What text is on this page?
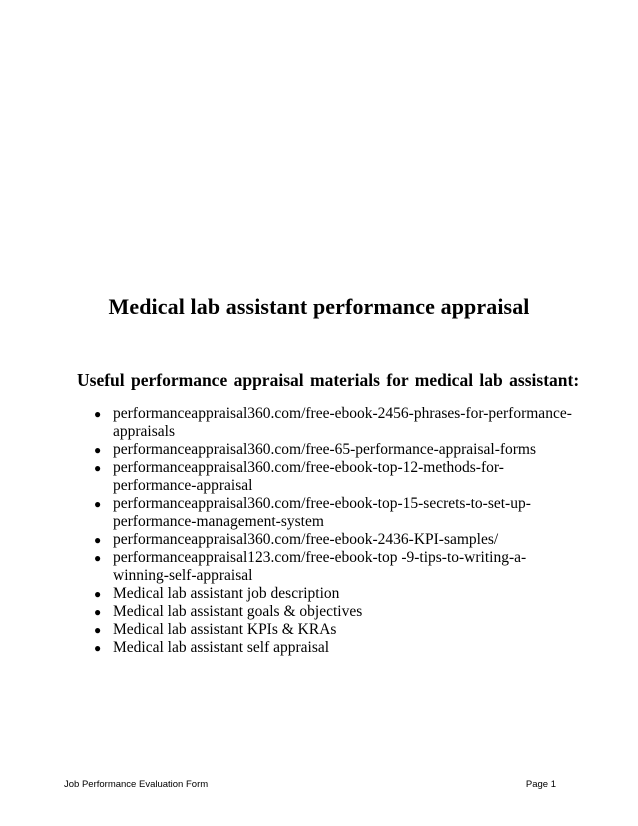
Medical lab assistant performance appraisal
Useful performance appraisal materials for medical lab assistant:
● performanceappraisal360.com/free-ebook-2456-phrases-for-performance-appraisals
● performanceappraisal360.com/free-65-performance-appraisal-forms
● performanceappraisal360.com/free-ebook-top-12-methods-for-performance-appraisal
● performanceappraisal360.com/free-ebook-top-15-secrets-to-set-up-performance-management-system
● performanceappraisal360.com/free-ebook-2436-KPI-samples/
● performanceappraisal123.com/free-ebook-top -9-tips-to-writing-a-winning-self-appraisal
● Medical lab assistant job description
● Medical lab assistant goals & objectives
● Medical lab assistant KPIs & KRAs
● Medical lab assistant self appraisal
Job Performance Evaluation Form	Page 1
